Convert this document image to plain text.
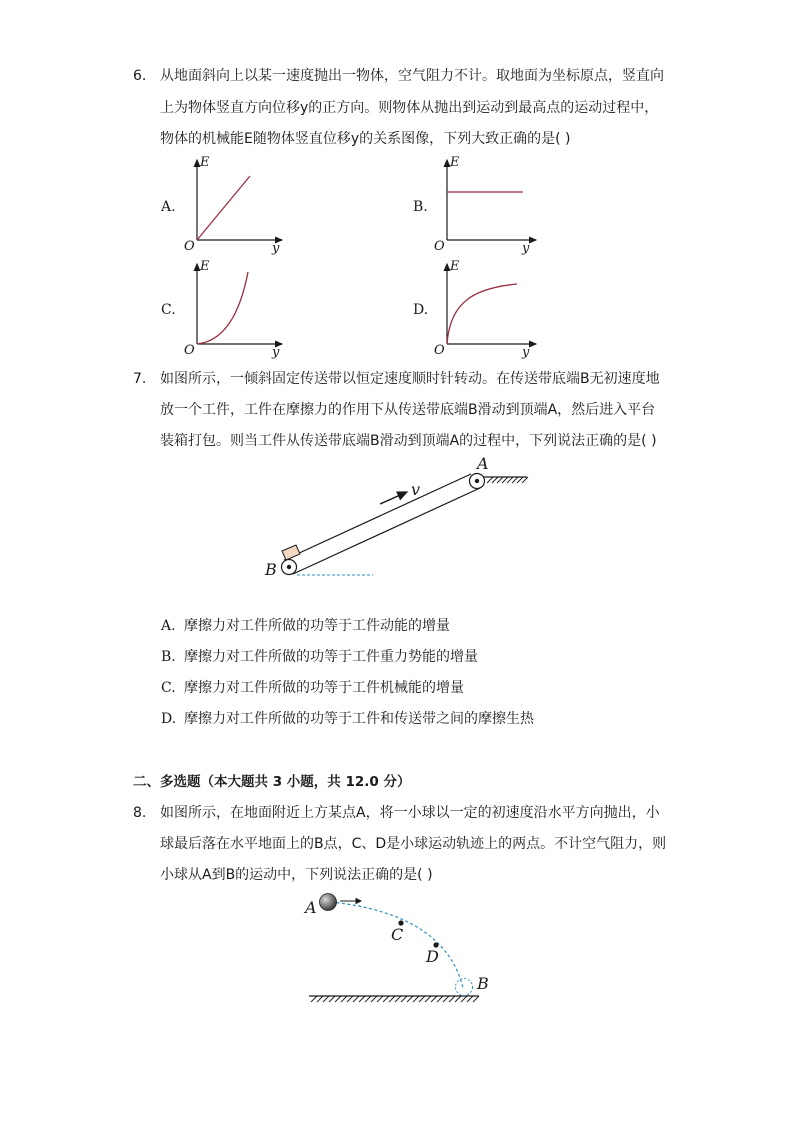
6. 从地面斜向上以某一速度抛出一物体，空气阻力不计。取地面为坐标原点，竖直向
上为物体竖直方向位移y的正方向。则物体从抛出到运动到最高点的运动过程中，
物体的机械能E随物体竖直位移y的关系图像，下列大致正确的是( )
A.
E
O	y
B.
E
O	y
C.
E
O	y
D.
E
O	y
7. 如图所示，一倾斜固定传送带以恒定速度顺时针转动。在传送带底端B无初速度地
放一个工件，工件在摩擦力的作用下从传送带底端B滑动到顶端A，然后进入平台
装箱打包。则当工件从传送带底端B滑动到顶端A的过程中，下列说法正确的是( )
v
A
B
A. 摩擦力对工件所做的功等于工件动能的增量
B. 摩擦力对工件所做的功等于工件重力势能的增量
C. 摩擦力对工件所做的功等于工件机械能的增量
D. 摩擦力对工件所做的功等于工件和传送带之间的摩擦生热
二、多选题（本大题共 3 小题，共 12.0 分）
8. 如图所示，在地面附近上方某点A，将一小球以一定的初速度沿水平方向抛出，小
球最后落在水平地面上的B点，C、D是小球运动轨迹上的两点。不计空气阻力，则
小球从A到B的运动中，下列说法正确的是( )
A
C
D
B
